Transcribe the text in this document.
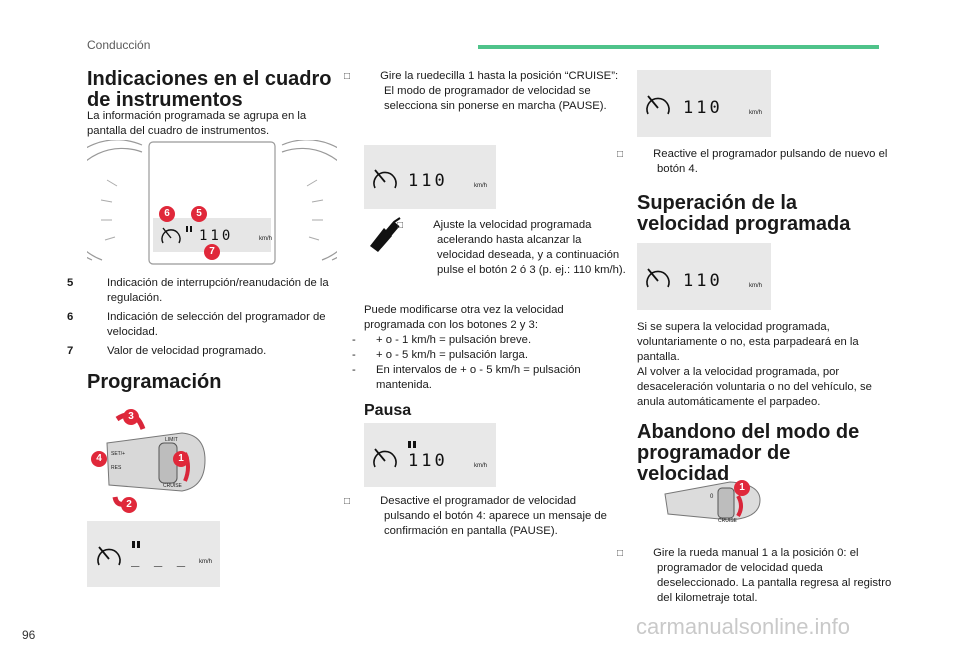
Conducción
Indicaciones en el cuadro de instrumentos

La información programada se agrupa en la pantalla del cuadro de instrumentos.

110	km/h
6	5
7

5	Indicación de interrupción/reanudación de la regulación.

6	Indicación de selección del programador de velocidad.

7	Valor de velocidad programado.

Programación
SET/+
LIMIT
CRUISE
RES
3
4	1
2
_ _ _ km/h

□	Gire la ruedecilla 1 hasta la posición “CRUISE”: El modo de programador de velocidad se selecciona sin ponerse en marcha (PAUSE).

110	km/h

□	Ajuste la velocidad programada acelerando hasta alcanzar la velocidad deseada, y a continuación pulse el botón 2 ó 3 (p. ej.: 110 km/h).

Puede modificarse otra vez la velocidad programada con los botones 2 y 3:

- + o - 1 km/h = pulsación breve.

- + o - 5 km/h = pulsación larga.

- En intervalos de + o - 5 km/h = pulsación mantenida.

Pausa
110	km/h

□	Desactive el programador de velocidad pulsando el botón 4: aparece un mensaje de confirmación en pantalla (PAUSE).

110	km/h

□	Reactive el programador pulsando de nuevo el botón 4.

Superación de la velocidad programada
110	km/h

Si se supera la velocidad programada, voluntariamente o no, esta parpadeará en la pantalla.

Al volver a la velocidad programada, por desaceleración voluntaria o no del vehículo, se anula automáticamente el parpadeo.

Abandono del modo de programador de velocidad
0
CRUISE
1

□	Gire la rueda manual 1 a la posición 0: el programador de velocidad queda deseleccionado. La pantalla regresa al registro del kilometraje total.

96	carmanualsonline.info
